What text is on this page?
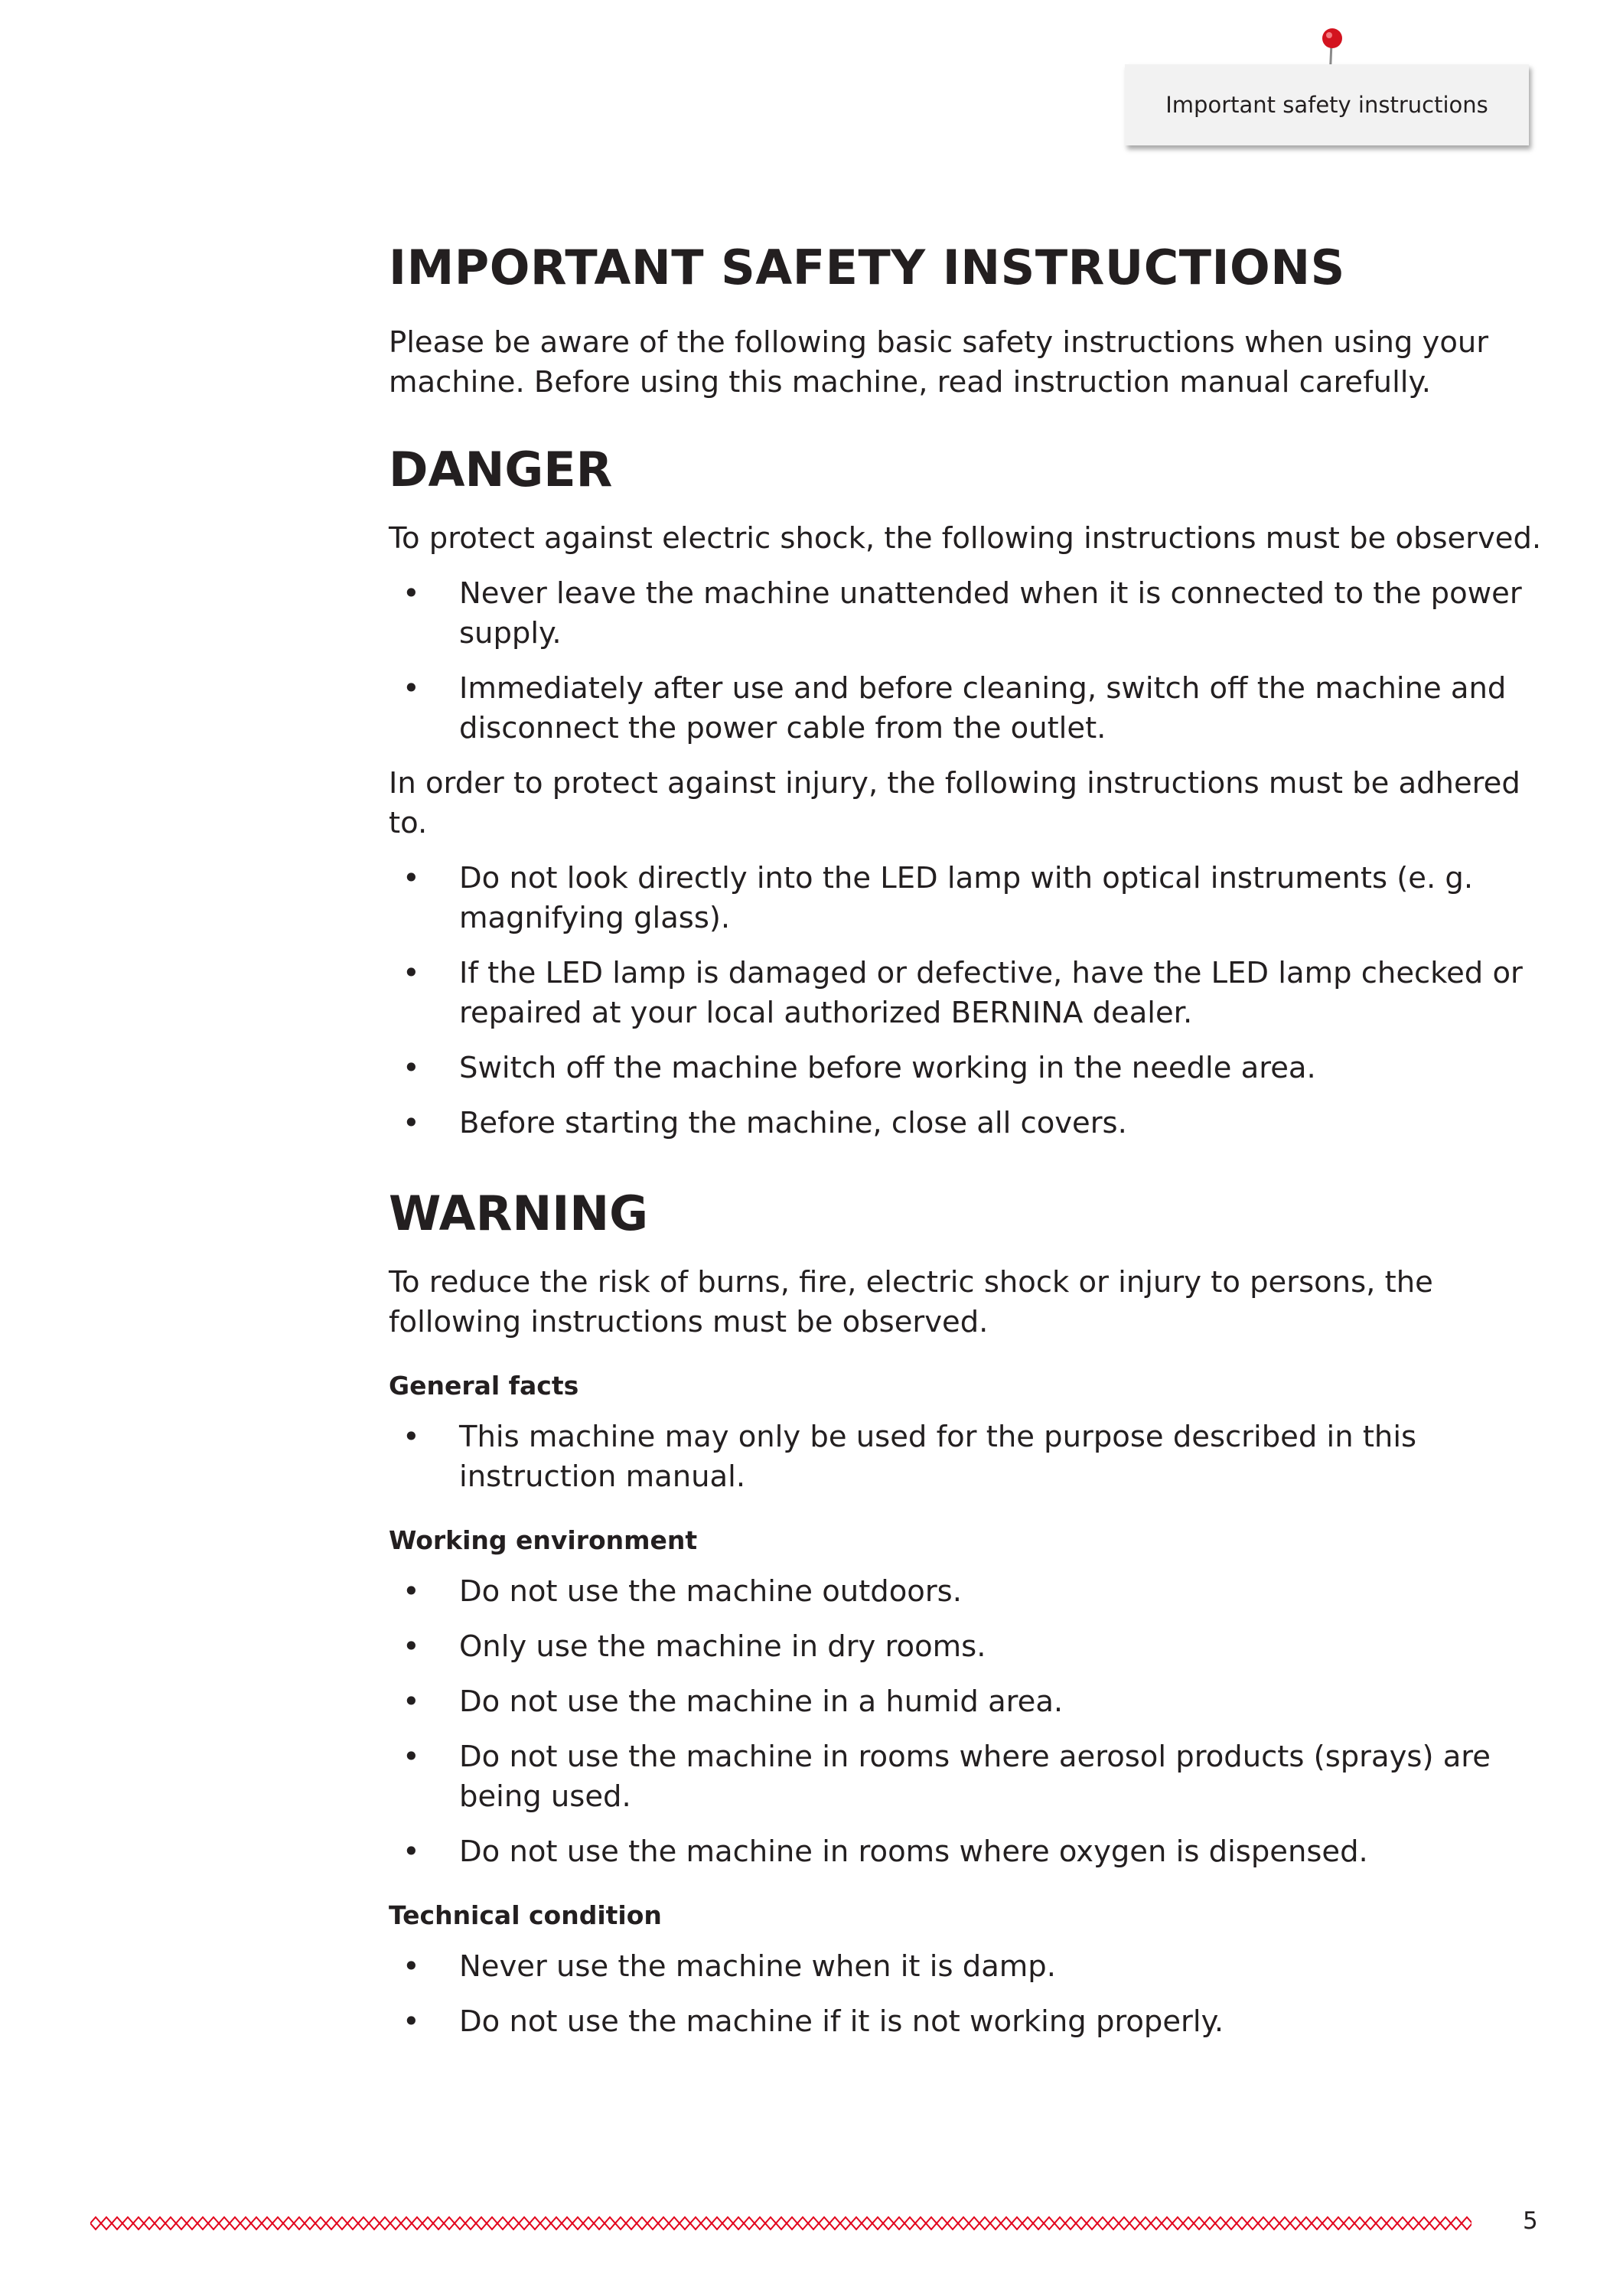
Important safety instructions
IMPORTANT SAFETY INSTRUCTIONS

Please be aware of the following basic safety instructions when using your machine. Before using this machine, read instruction manual carefully.

DANGER

To protect against electric shock, the following instructions must be observed.

• Never leave the machine unattended when it is connected to the power supply.
• Immediately after use and before cleaning, switch off the machine and disconnect the power cable from the outlet.

In order to protect against injury, the following instructions must be adhered to.

• Do not look directly into the LED lamp with optical instruments (e. g. magnifying glass).
• If the LED lamp is damaged or defective, have the LED lamp checked or repaired at your local authorized BERNINA dealer.
• Switch off the machine before working in the needle area.
• Before starting the machine, close all covers.
WARNING

To reduce the risk of burns, fire, electric shock or injury to persons, the following instructions must be observed.

General facts
• This machine may only be used for the purpose described in this instruction manual.
Working environment
• Do not use the machine outdoors.
• Only use the machine in dry rooms.
• Do not use the machine in a humid area.
• Do not use the machine in rooms where aerosol products (sprays) are being used.
• Do not use the machine in rooms where oxygen is dispensed.
Technical condition
• Never use the machine when it is damp.
• Do not use the machine if it is not working properly.
5
